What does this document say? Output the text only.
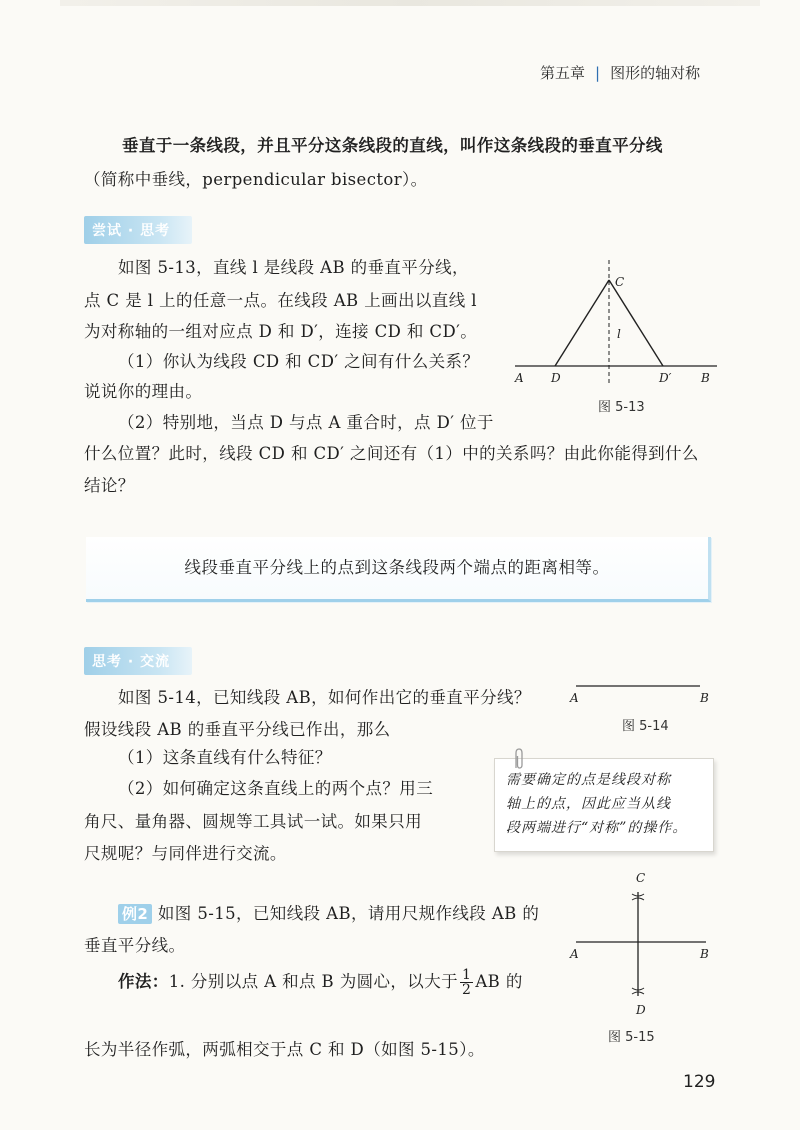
第五章 | 图形的轴对称
垂直于一条线段，并且平分这条线段的直线，叫作这条线段的垂直平分线
（简称中垂线，perpendicular bisector）。
尝试 · 思考
如图 5-13，直线 l 是线段 AB 的垂直平分线，
点 C 是 l 上的任意一点。在线段 AB 上画出以直线 l
为对称轴的一组对应点 D 和 D′，连接 CD 和 CD′。
（1）你认为线段 CD 和 CD′ 之间有什么关系？
说说你的理由。
（2）特别地，当点 D 与点 A 重合时，点 D′ 位于
什么位置？此时，线段 CD 和 CD′ 之间还有（1）中的关系吗？由此你能得到什么
结论？
A D	D′ B
C
l
图 5-13
线段垂直平分线上的点到这条线段两个端点的距离相等。
思考 · 交流
如图 5-14，已知线段 AB，如何作出它的垂直平分线？
假设线段 AB 的垂直平分线已作出，那么
（1）这条直线有什么特征？
（2）如何确定这条直线上的两个点？用三
角尺、量角器、圆规等工具试一试。如果只用
尺规呢？与同伴进行交流。
A	B
图 5-14
需要确定的点是线段对称
轴上的点，因此应当从线
段两端进行“对称”的操作。
例2 如图 5-15，已知线段 AB，请用尺规作线段 AB 的
垂直平分线。
作法：1. 分别以点 A 和点 B 为圆心，以大于 $\frac{1}{2}$ AB 的
长为半径作弧，两弧相交于点 C 和 D（如图 5-15）。
C
A	B
D
图 5-15
129
